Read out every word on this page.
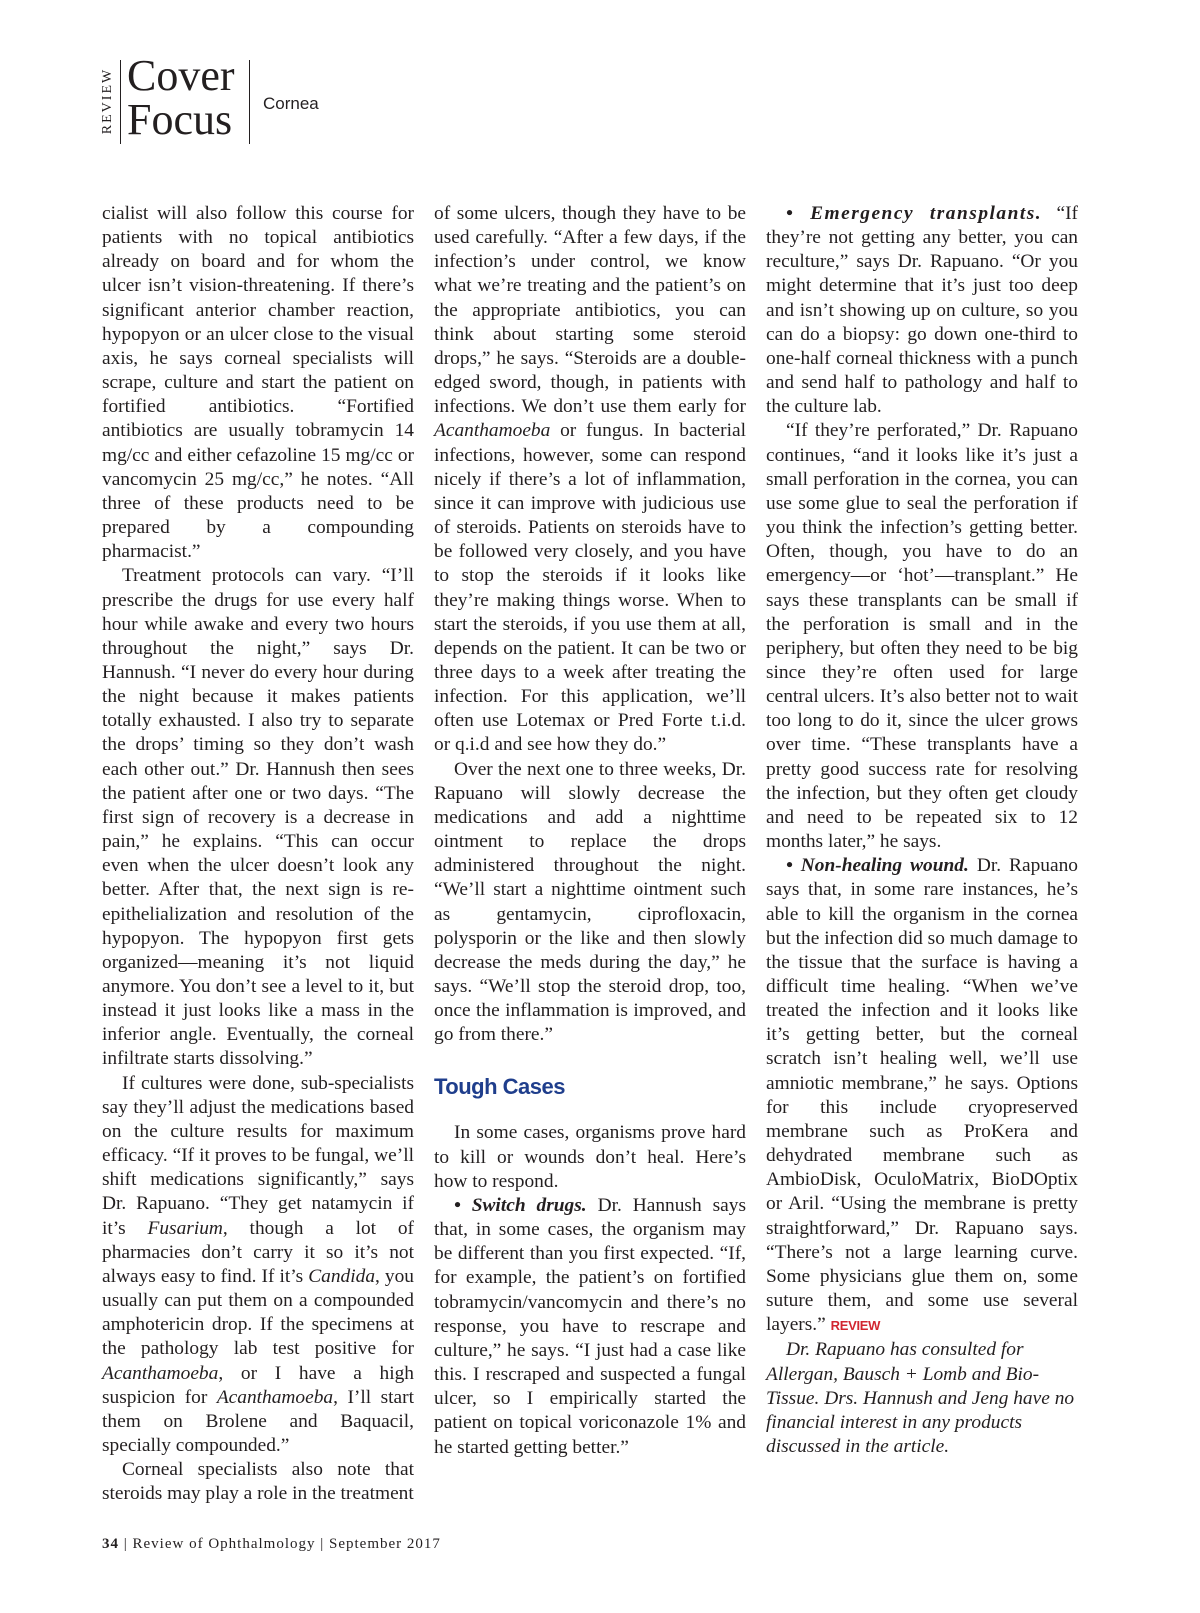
REVIEW Cover
Focus Cornea

cialist will also follow this course for patients with no topical antibiotics already on board and for whom the ulcer isn’t vision-threatening. If there’s significant anterior chamber reaction, hypopyon or an ulcer close to the visual axis, he says corneal specialists will scrape, culture and start the patient on fortified antibiotics. “Fortified antibiotics are usually tobramycin 14 mg/cc and either cefazoline 15 mg/cc or vancomycin 25 mg/cc,” he notes. “All three of these products need to be prepared by a compounding pharmacist.”

Treatment protocols can vary. “I’ll prescribe the drugs for use every half hour while awake and every two hours throughout the night,” says Dr. Hannush. “I never do every hour during the night because it makes patients totally exhausted. I also try to separate the drops’ timing so they don’t wash each other out.” Dr. Hannush then sees the patient after one or two days. “The first sign of recovery is a decrease in pain,” he explains. “This can occur even when the ulcer doesn’t look any better. After that, the next sign is re-epithelialization and resolution of the hypopyon. The hypopyon first gets organized—meaning it’s not liquid anymore. You don’t see a level to it, but instead it just looks like a mass in the inferior angle. Eventually, the corneal infiltrate starts dissolving.”

If cultures were done, sub-specialists say they’ll adjust the medications based on the culture results for maximum efficacy. “If it proves to be fungal, we’ll shift medications significantly,” says Dr. Rapuano. “They get natamycin if it’s Fusarium, though a lot of pharmacies don’t carry it so it’s not always easy to find. If it’s Candida, you usually can put them on a compounded amphotericin drop. If the specimens at the pathology lab test positive for Acanthamoeba, or I have a high suspicion for Acanthamoeba, I’ll start them on Brolene and Baquacil, specially compounded.”

Corneal specialists also note that steroids may play a role in the treatment

of some ulcers, though they have to be used carefully. “After a few days, if the infection’s under control, we know what we’re treating and the patient’s on the appropriate antibiotics, you can think about starting some steroid drops,” he says. “Steroids are a double-edged sword, though, in patients with infections. We don’t use them early for Acanthamoeba or fungus. In bacterial infections, however, some can respond nicely if there’s a lot of inflammation, since it can improve with judicious use of steroids. Patients on steroids have to be followed very closely, and you have to stop the steroids if it looks like they’re making things worse. When to start the steroids, if you use them at all, depends on the patient. It can be two or three days to a week after treating the infection. For this application, we’ll often use Lotemax or Pred Forte t.i.d. or q.i.d and see how they do.”

Over the next one to three weeks, Dr. Rapuano will slowly decrease the medications and add a nighttime ointment to replace the drops administered throughout the night. “We’ll start a nighttime ointment such as gentamycin, ciprofloxacin, polysporin or the like and then slowly decrease the meds during the day,” he says. “We’ll stop the steroid drop, too, once the inflammation is improved, and go from there.”

Tough Cases

In some cases, organisms prove hard to kill or wounds don’t heal. Here’s how to respond.

• Switch drugs. Dr. Hannush says that, in some cases, the organism may be different than you first expected. “If, for example, the patient’s on fortified tobramycin/vancomycin and there’s no response, you have to rescrape and culture,” he says. “I just had a case like this. I rescraped and suspected a fungal ulcer, so I empirically started the patient on topical voriconazole 1% and he started getting better.”

• Emergency transplants. “If they’re not getting any better, you can reculture,” says Dr. Rapuano. “Or you might determine that it’s just too deep and isn’t showing up on culture, so you can do a biopsy: go down one-third to one-half corneal thickness with a punch and send half to pathology and half to the culture lab.

“If they’re perforated,” Dr. Rapuano continues, “and it looks like it’s just a small perforation in the cornea, you can use some glue to seal the perforation if you think the infection’s getting better. Often, though, you have to do an emergency—or ‘hot’—transplant.” He says these transplants can be small if the perforation is small and in the periphery, but often they need to be big since they’re often used for large central ulcers. It’s also better not to wait too long to do it, since the ulcer grows over time. “These transplants have a pretty good success rate for resolving the infection, but they often get cloudy and need to be repeated six to 12 months later,” he says.

• Non-healing wound. Dr. Rapuano says that, in some rare instances, he’s able to kill the organism in the cornea but the infection did so much damage to the tissue that the surface is having a difficult time healing. “When we’ve treated the infection and it looks like it’s getting better, but the corneal scratch isn’t healing well, we’ll use amniotic membrane,” he says. Options for this include cryopreserved membrane such as ProKera and dehydrated membrane such as AmbioDisk, OculoMatrix, BioDOptix or Aril. “Using the membrane is pretty straightforward,” Dr. Rapuano says. “There’s not a large learning curve. Some physicians glue them on, some suture them, and some use several layers.” REVIEW

Dr. Rapuano has consulted for Allergan, Bausch + Lomb and Bio-Tissue. Drs. Hannush and Jeng have no financial interest in any products discussed in the article.

34 | Review of Ophthalmology | September 2017
